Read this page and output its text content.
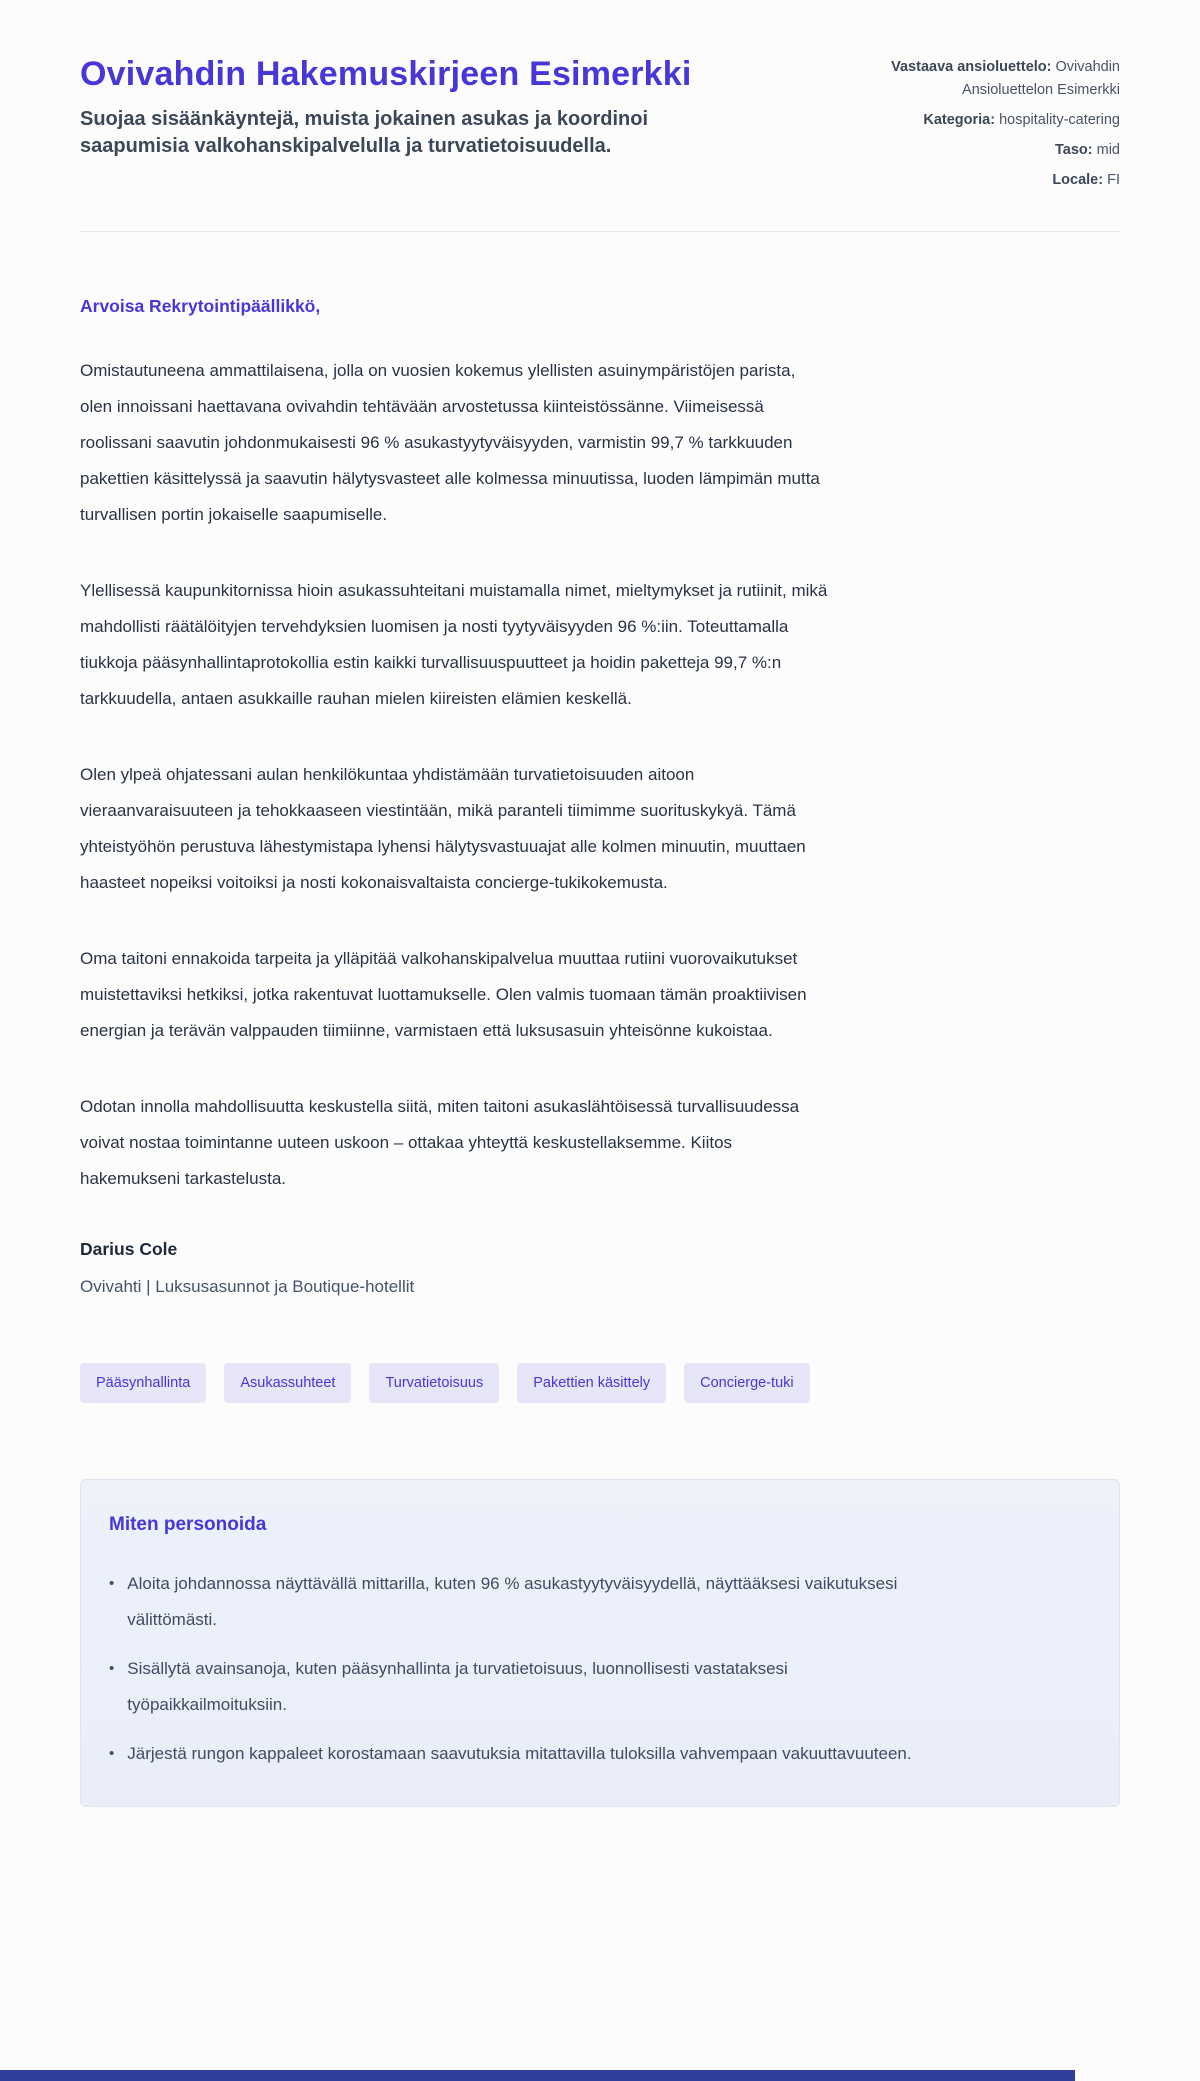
Ovivahdin Hakemuskirjeen Esimerkki

Suojaa sisäänkäyntejä, muista jokainen asukas ja koordinoi saapumisia valkohanskipalvelulla ja turvatietoisuudella.

Vastaava ansioluettelo: Ovivahdin Ansioluettelon Esimerkki
Kategoria: hospitality-catering
Taso: mid
Locale: FI

Arvoisa Rekrytointipäällikkö,

Omistautuneena ammattilaisena, jolla on vuosien kokemus ylellisten asuinympäristöjen parista, olen innoissani haettavana ovivahdin tehtävään arvostetussa kiinteistössänne. Viimeisessä roolissani saavutin johdonmukaisesti 96 % asukastyytyväisyyden, varmistin 99,7 % tarkkuuden pakettien käsittelyssä ja saavutin hälytysvasteet alle kolmessa minuutissa, luoden lämpimän mutta turvallisen portin jokaiselle saapumiselle.

Ylellisessä kaupunkitornissa hioin asukassuhteitani muistamalla nimet, mieltymykset ja rutiinit, mikä mahdollisti räätälöityjen tervehdyksien luomisen ja nosti tyytyväisyyden 96 %:iin. Toteuttamalla tiukkoja pääsynhallintaprotokollia estin kaikki turvallisuuspuutteet ja hoidin paketteja 99,7 %:n tarkkuudella, antaen asukkaille rauhan mielen kiireisten elämien keskellä.

Olen ylpeä ohjatessani aulan henkilökuntaa yhdistämään turvatietoisuuden aitoon vieraanvaraisuuteen ja tehokkaaseen viestintään, mikä paranteli tiimimme suorituskykyä. Tämä yhteistyöhön perustuva lähestymistapa lyhensi hälytysvastuuajat alle kolmen minuutin, muuttaen haasteet nopeiksi voitoiksi ja nosti kokonaisvaltaista concierge-tukikokemusta.

Oma taitoni ennakoida tarpeita ja ylläpitää valkohanskipalvelua muuttaa rutiini vuorovaikutukset muistettaviksi hetkiksi, jotka rakentuvat luottamukselle. Olen valmis tuomaan tämän proaktiivisen energian ja terävän valppauden tiimiinne, varmistaen että luksusasuin yhteisönne kukoistaa.

Odotan innolla mahdollisuutta keskustella siitä, miten taitoni asukaslähtöisessä turvallisuudessa voivat nostaa toimintanne uuteen uskoon – ottakaa yhteyttä keskustellaksemme. Kiitos hakemukseni tarkastelusta.

Darius Cole

Ovivahti | Luksusasunnot ja Boutique-hotellit

Pääsynhallinta	Asukassuhteet	Turvatietoisuus	Pakettien käsittely	Concierge-tuki
Miten personoida
• Aloita johdannossa näyttävällä mittarilla, kuten 96 % asukastyytyväisyydellä, näyttääksesi vaikutuksesi välittömästi.
• Sisällytä avainsanoja, kuten pääsynhallinta ja turvatietoisuus, luonnollisesti vastataksesi työpaikkailmoituksiin.
• Järjestä rungon kappaleet korostamaan saavutuksia mitattavilla tuloksilla vahvempaan vakuuttavuuteen.
